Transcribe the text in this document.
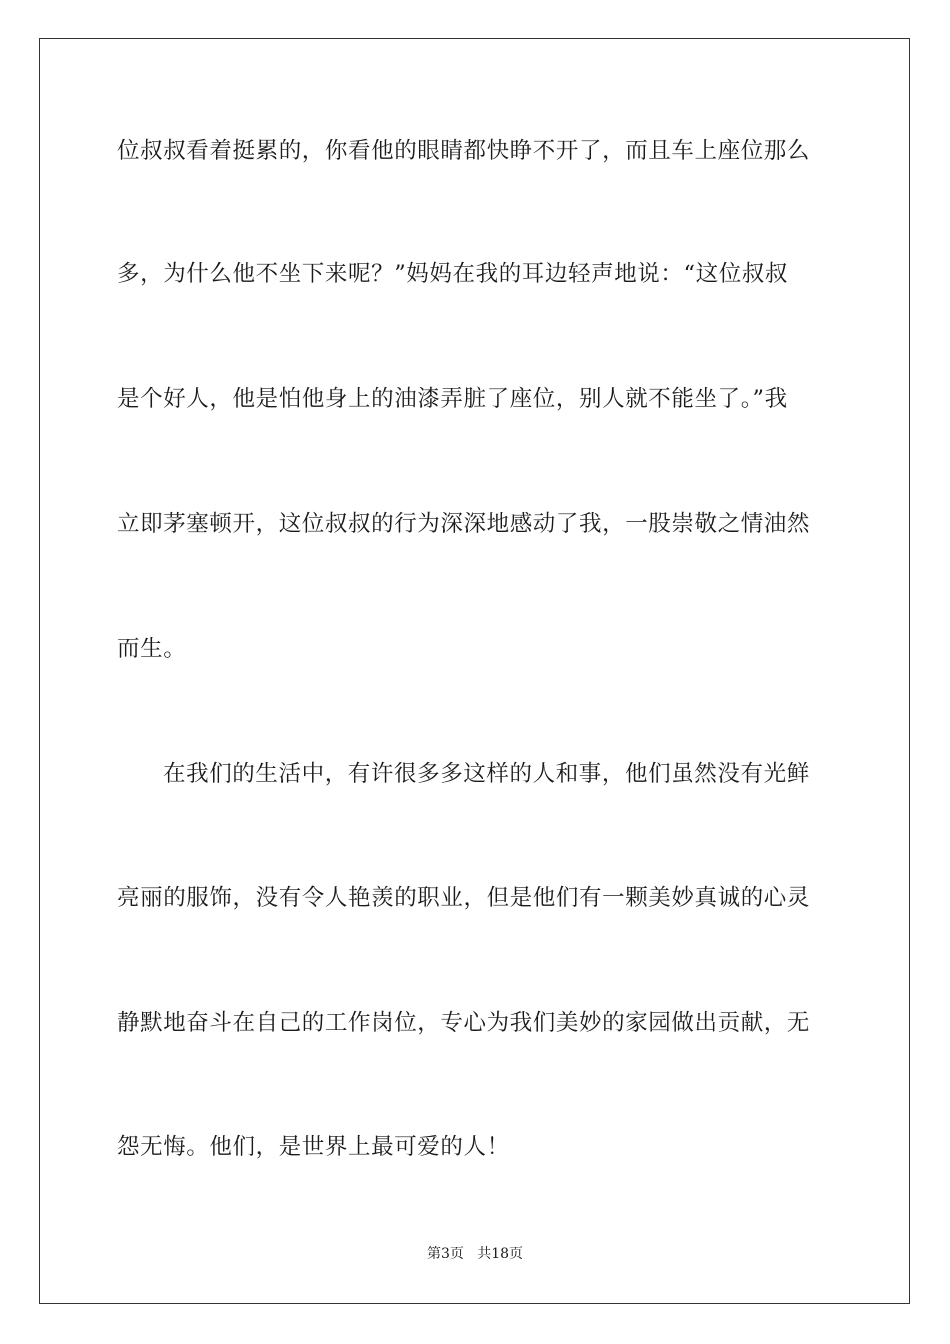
位叔叔看着挺累的，你看他的眼睛都快睁不开了，而且车上座位那么
多，为什么他不坐下来呢？”妈妈在我的耳边轻声地说：“这位叔叔
是个好人，他是怕他身上的油漆弄脏了座位，别人就不能坐了。”我
立即茅塞顿开，这位叔叔的行为深深地感动了我，一股崇敬之情油然
而生。
在我们的生活中，有许很多多这样的人和事，他们虽然没有光鲜
亮丽的服饰，没有令人艳羡的职业，但是他们有一颗美妙真诚的心灵
静默地奋斗在自己的工作岗位，专心为我们美妙的家园做出贡献，无
怨无悔。他们，是世界上最可爱的人！
第3页   共18页
